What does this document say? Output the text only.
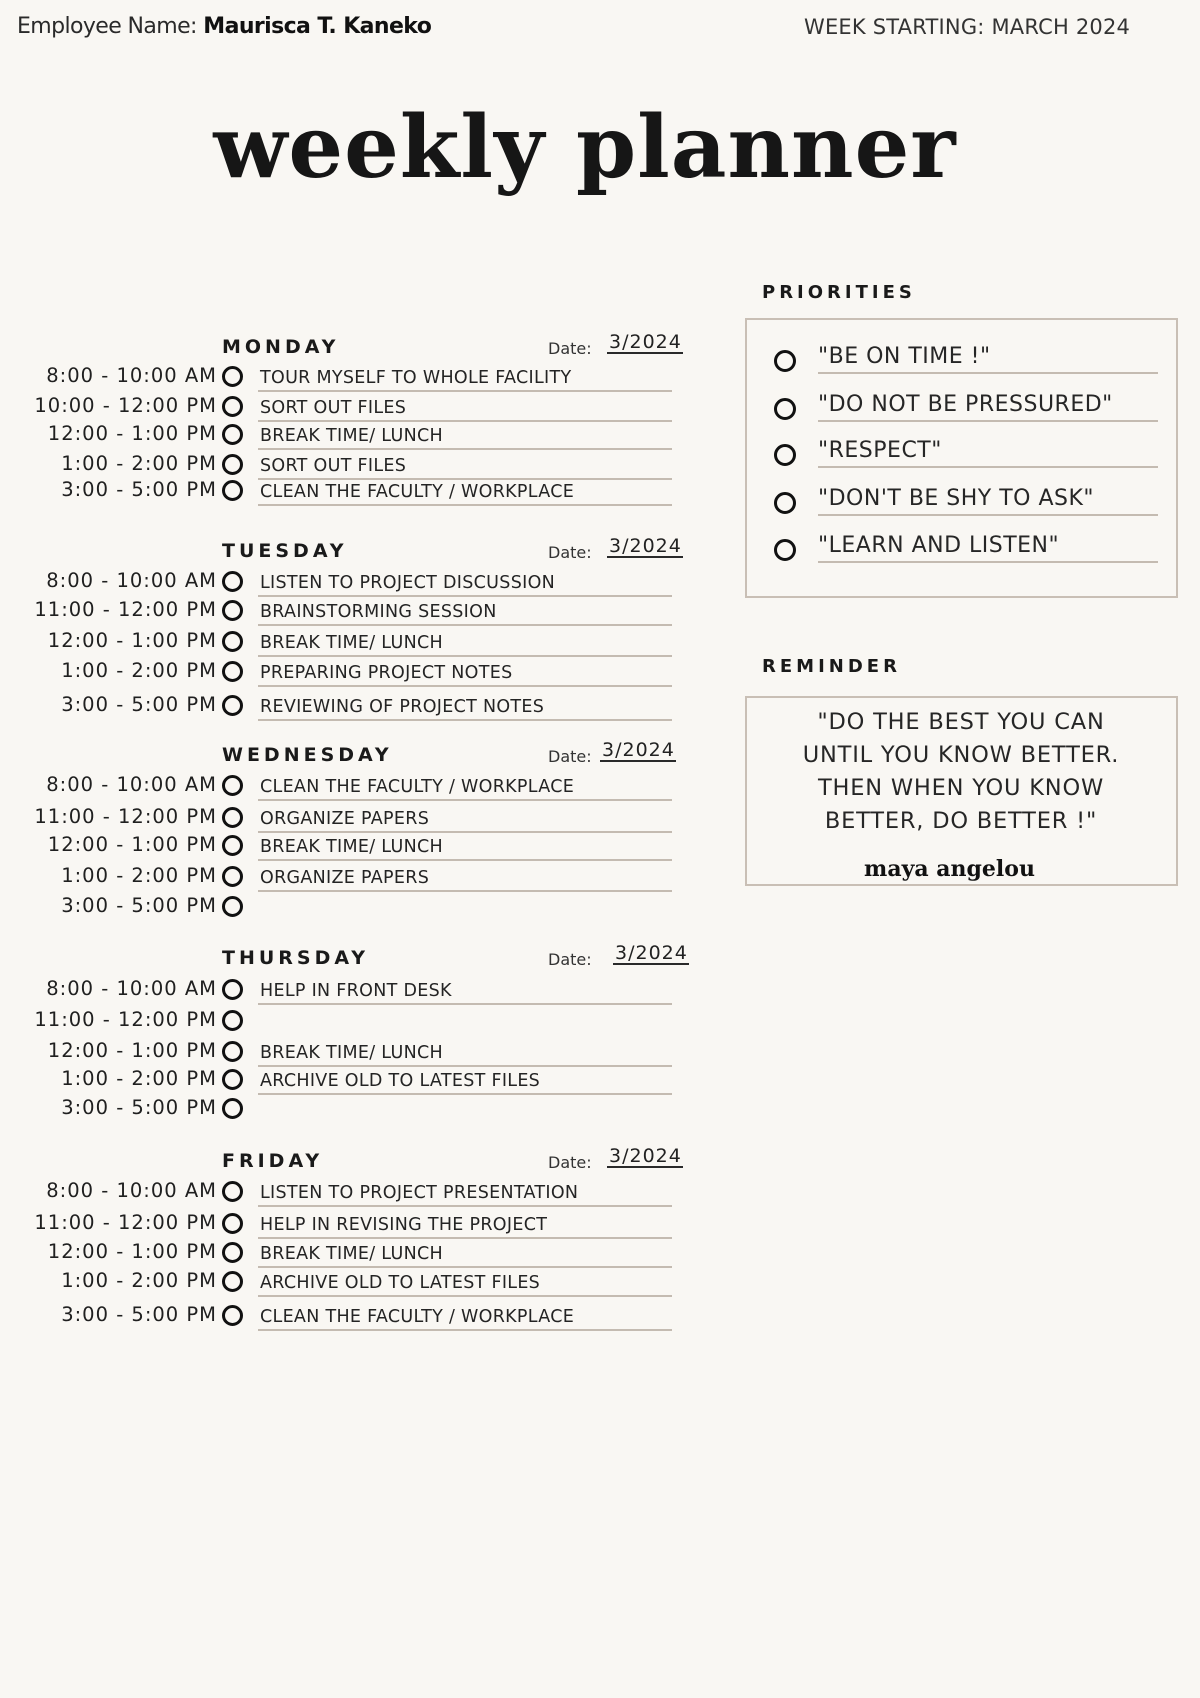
Employee Name: Maurisca T. Kaneko	WEEK STARTING: MARCH 2024
weekly planner
MONDAY	Date: 3/2024
8:00 - 10:00 AM TOUR MYSELF TO WHOLE FACILITY
10:00 - 12:00 PM SORT OUT FILES
12:00 - 1:00 PM BREAK TIME/ LUNCH
1:00 - 2:00 PM SORT OUT FILES
3:00 - 5:00 PM CLEAN THE FACULTY / WORKPLACE
TUESDAY	Date: 3/2024
8:00 - 10:00 AM LISTEN TO PROJECT DISCUSSION
11:00 - 12:00 PM BRAINSTORMING SESSION
12:00 - 1:00 PM BREAK TIME/ LUNCH
1:00 - 2:00 PM PREPARING PROJECT NOTES
3:00 - 5:00 PM REVIEWING OF PROJECT NOTES
WEDNESDAY	Date: 3/2024
8:00 - 10:00 AM CLEAN THE FACULTY / WORKPLACE
11:00 - 12:00 PM ORGANIZE PAPERS
12:00 - 1:00 PM BREAK TIME/ LUNCH
1:00 - 2:00 PM ORGANIZE PAPERS
3:00 - 5:00 PM
THURSDAY	Date: 3/2024
8:00 - 10:00 AM HELP IN FRONT DESK
11:00 - 12:00 PM
12:00 - 1:00 PM BREAK TIME/ LUNCH
1:00 - 2:00 PM ARCHIVE OLD TO LATEST FILES
3:00 - 5:00 PM
FRIDAY	Date: 3/2024
8:00 - 10:00 AM LISTEN TO PROJECT PRESENTATION
11:00 - 12:00 PM HELP IN REVISING THE PROJECT
12:00 - 1:00 PM BREAK TIME/ LUNCH
1:00 - 2:00 PM ARCHIVE OLD TO LATEST FILES
3:00 - 5:00 PM CLEAN THE FACULTY / WORKPLACE
PRIORITIES
"BE ON TIME !"
"DO NOT BE PRESSURED"
"RESPECT"
"DON'T BE SHY TO ASK"
"LEARN AND LISTEN"
REMINDER
"DO THE BEST YOU CAN
UNTIL YOU KNOW BETTER.
THEN WHEN YOU KNOW
BETTER, DO BETTER !"
maya angelou
